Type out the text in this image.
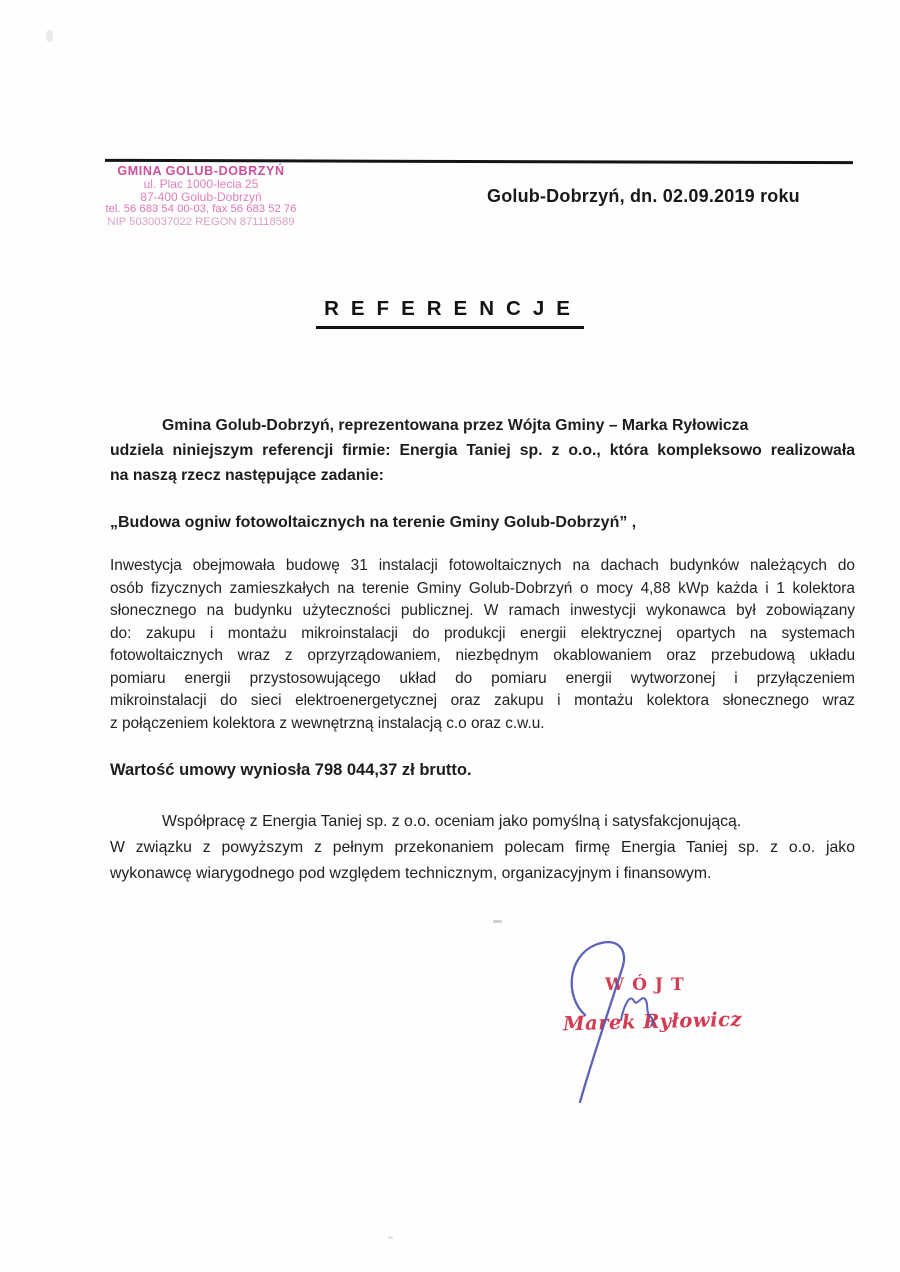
GMINA GOLUB-DOBRZYŃ
ul. Plac 1000-lecia 25
87-400 Golub-Dobrzyń
tel. 56 683 54 00-03, fax 56 683 52 76
NIP 5030037022 REGON 871118589
Golub-Dobrzyń, dn. 02.09.2019 roku
REFERENCJE
Gmina Golub-Dobrzyń, reprezentowana przez Wójta Gminy – Marka Ryłowicza
udziela niniejszym referencji firmie: Energia Taniej sp. z o.o., która kompleksowo realizowała
na naszą rzecz następujące zadanie:
„Budowa ogniw fotowoltaicznych na terenie Gminy Golub-Dobrzyń” ,
Inwestycja obejmowała budowę 31 instalacji fotowoltaicznych na dachach budynków należących do
osób fizycznych zamieszkałych na terenie Gminy Golub-Dobrzyń o mocy 4,88 kWp każda i 1 kolektora
słonecznego na budynku użyteczności publicznej. W ramach inwestycji wykonawca był zobowiązany
do: zakupu i montażu mikroinstalacji do produkcji energii elektrycznej opartych na systemach
fotowoltaicznych wraz z oprzyrządowaniem, niezbędnym okablowaniem oraz przebudową układu
pomiaru energii przystosowującego układ do pomiaru energii wytworzonej i przyłączeniem
mikroinstalacji do sieci elektroenergetycznej oraz zakupu i montażu kolektora słonecznego wraz
z połączeniem kolektora z wewnętrzną instalacją c.o oraz c.w.u.
Wartość umowy wyniosła 798 044,37 zł brutto.
Współpracę z Energia Taniej sp. z o.o. oceniam jako pomyślną i satysfakcjonującą.
W związku z powyższym z pełnym przekonaniem polecam firmę Energia Taniej sp. z o.o. jako
wykonawcę wiarygodnego pod względem technicznym, organizacyjnym i finansowym.
WÓJT
Marek Ryłowicz
